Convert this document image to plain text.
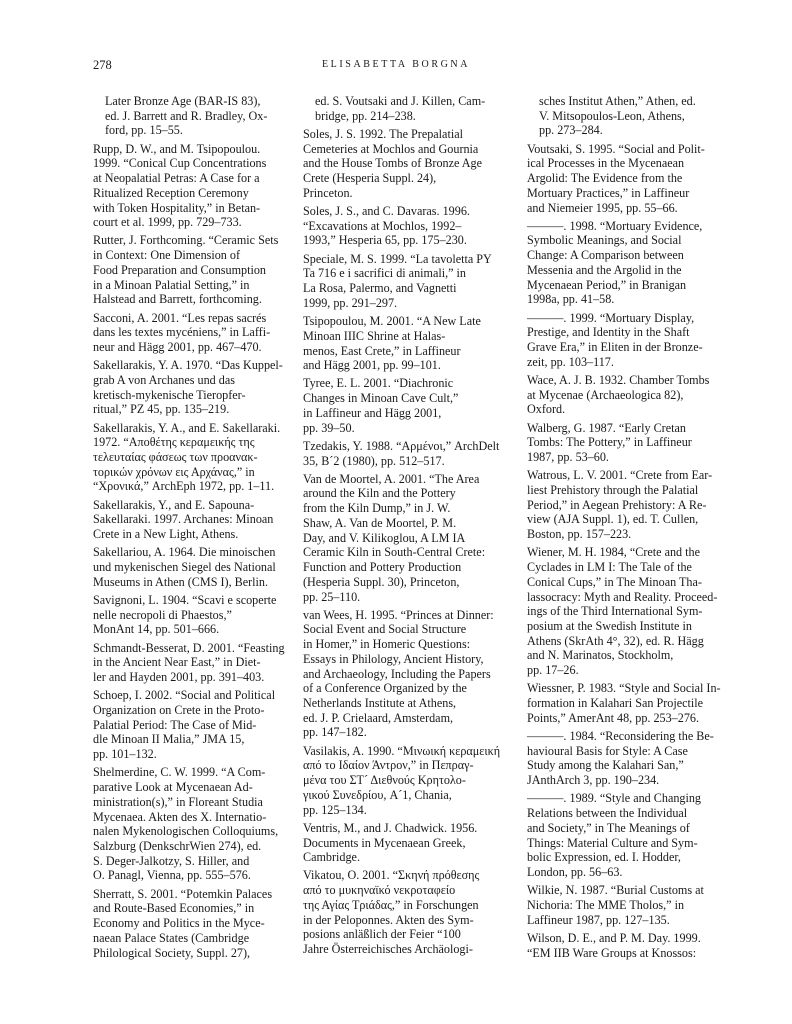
278	ELISABETTA BORGNA

Later Bronze Age (BAR-IS 83),
ed. J. Barrett and R. Bradley, Ox-
ford, pp. 15–55.

Rupp, D. W., and M. Tsipopoulou.
1999. “Conical Cup Concentrations
at Neopalatial Petras: A Case for a
Ritualized Reception Ceremony
with Token Hospitality,” in Betan-
court et al. 1999, pp. 729–733.

Rutter, J. Forthcoming. “Ceramic Sets
in Context: One Dimension of
Food Preparation and Consumption
in a Minoan Palatial Setting,” in
Halstead and Barrett, forthcoming.

Sacconi, A. 2001. “Les repas sacrés
dans les textes mycéniens,” in Laffi-
neur and Hägg 2001, pp. 467–470.

Sakellarakis, Y. A. 1970. “Das Kuppel-
grab A von Archanes und das
kretisch-mykenische Tieropfer-
ritual,” PZ 45, pp. 135–219.

Sakellarakis, Y. A., and E. Sakellaraki.
1972. “Αποθέτης κεραμεικής της
τελευταίας φάσεως των προανακ-
τορικών χρόνων εις Αρχάνας,” in
“Χρονικά,” ArchEph 1972, pp. 1–11.

Sakellarakis, Y., and E. Sapouna-
Sakellaraki. 1997. Archanes: Minoan
Crete in a New Light, Athens.

Sakellariou, A. 1964. Die minoischen
und mykenischen Siegel des National
Museums in Athen (CMS I), Berlin.

Savignoni, L. 1904. “Scavi e scoperte
nelle necropoli di Phaestos,”
MonAnt 14, pp. 501–666.

Schmandt-Besserat, D. 2001. “Feasting
in the Ancient Near East,” in Diet-
ler and Hayden 2001, pp. 391–403.

Schoep, I. 2002. “Social and Political
Organization on Crete in the Proto-
Palatial Period: The Case of Mid-
dle Minoan II Malia,” JMA 15,
pp. 101–132.

Shelmerdine, C. W. 1999. “A Com-
parative Look at Mycenaean Ad-
ministration(s),” in Floreant Studia
Mycenaea. Akten des X. Internatio-
nalen Mykenologischen Colloquiums,
Salzburg (DenkschrWien 274), ed.
S. Deger-Jalkotzy, S. Hiller, and
O. Panagl, Vienna, pp. 555–576.

Sherratt, S. 2001. “Potemkin Palaces
and Route-Based Economies,” in
Economy and Politics in the Myce-
naean Palace States (Cambridge
Philological Society, Suppl. 27),

ed. S. Voutsaki and J. Killen, Cam-
bridge, pp. 214–238.

Soles, J. S. 1992. The Prepalatial
Cemeteries at Mochlos and Gournia
and the House Tombs of Bronze Age
Crete (Hesperia Suppl. 24),
Princeton.

Soles, J. S., and C. Davaras. 1996.
“Excavations at Mochlos, 1992–
1993,” Hesperia 65, pp. 175–230.

Speciale, M. S. 1999. “La tavoletta PY
Ta 716 e i sacrifici di animali,” in
La Rosa, Palermo, and Vagnetti
1999, pp. 291–297.

Tsipopoulou, M. 2001. “A New Late
Minoan IIIC Shrine at Halas-
menos, East Crete,” in Laffineur
and Hägg 2001, pp. 99–101.

Tyree, E. L. 2001. “Diachronic
Changes in Minoan Cave Cult,”
in Laffineur and Hägg 2001,
pp. 39–50.

Tzedakis, Y. 1988. “Αρμένοι,” ArchDelt
35, B´2 (1980), pp. 512–517.

Van de Moortel, A. 2001. “The Area
around the Kiln and the Pottery
from the Kiln Dump,” in J. W.
Shaw, A. Van de Moortel, P. M.
Day, and V. Kilikoglou, A LM IA
Ceramic Kiln in South-Central Crete:
Function and Pottery Production
(Hesperia Suppl. 30), Princeton,
pp. 25–110.

van Wees, H. 1995. “Princes at Dinner:
Social Event and Social Structure
in Homer,” in Homeric Questions:
Essays in Philology, Ancient History,
and Archaeology, Including the Papers
of a Conference Organized by the
Netherlands Institute at Athens,
ed. J. P. Crielaard, Amsterdam,
pp. 147–182.

Vasilakis, A. 1990. “Μινωική κεραμεική
από το Ιδαίον Άντρον,” in Πεπραγ-
μένα του ΣΤ´ Διεθνούς Κρητολο-
γικού Συνεδρίου, A´1, Chania,
pp. 125–134.

Ventris, M., and J. Chadwick. 1956.
Documents in Mycenaean Greek,
Cambridge.

Vikatou, O. 2001. “Σκηνή πρόθεσης
από το μυκηναϊκό νεκροταφείο
της Αγίας Τριάδας,” in Forschungen
in der Peloponnes. Akten des Sym-
posions anläßlich der Feier “100
Jahre Österreichisches Archäologi-

sches Institut Athen,” Athen, ed.
V. Mitsopoulos-Leon, Athens,
pp. 273–284.

Voutsaki, S. 1995. “Social and Polit-
ical Processes in the Mycenaean
Argolid: The Evidence from the
Mortuary Practices,” in Laffineur
and Niemeier 1995, pp. 55–66.

———. 1998. “Mortuary Evidence,
Symbolic Meanings, and Social
Change: A Comparison between
Messenia and the Argolid in the
Mycenaean Period,” in Branigan
1998a, pp. 41–58.

———. 1999. “Mortuary Display,
Prestige, and Identity in the Shaft
Grave Era,” in Eliten in der Bronze-
zeit, pp. 103–117.

Wace, A. J. B. 1932. Chamber Tombs
at Mycenae (Archaeologica 82),
Oxford.

Walberg, G. 1987. “Early Cretan
Tombs: The Pottery,” in Laffineur
1987, pp. 53–60.

Watrous, L. V. 2001. “Crete from Ear-
liest Prehistory through the Palatial
Period,” in Aegean Prehistory: A Re-
view (AJA Suppl. 1), ed. T. Cullen,
Boston, pp. 157–223.

Wiener, M. H. 1984, “Crete and the
Cyclades in LM I: The Tale of the
Conical Cups,” in The Minoan Tha-
lassocracy: Myth and Reality. Proceed-
ings of the Third International Sym-
posium at the Swedish Institute in
Athens (SkrAth 4°, 32), ed. R. Hägg
and N. Marinatos, Stockholm,
pp. 17–26.

Wiessner, P. 1983. “Style and Social In-
formation in Kalahari San Projectile
Points,” AmerAnt 48, pp. 253–276.

———. 1984. “Reconsidering the Be-
havioural Basis for Style: A Case
Study among the Kalahari San,”
JAnthArch 3, pp. 190–234.

———. 1989. “Style and Changing
Relations between the Individual
and Society,” in The Meanings of
Things: Material Culture and Sym-
bolic Expression, ed. I. Hodder,
London, pp. 56–63.

Wilkie, N. 1987. “Burial Customs at
Nichoria: The MME Tholos,” in
Laffineur 1987, pp. 127–135.

Wilson, D. E., and P. M. Day. 1999.
“EM IIB Ware Groups at Knossos:
